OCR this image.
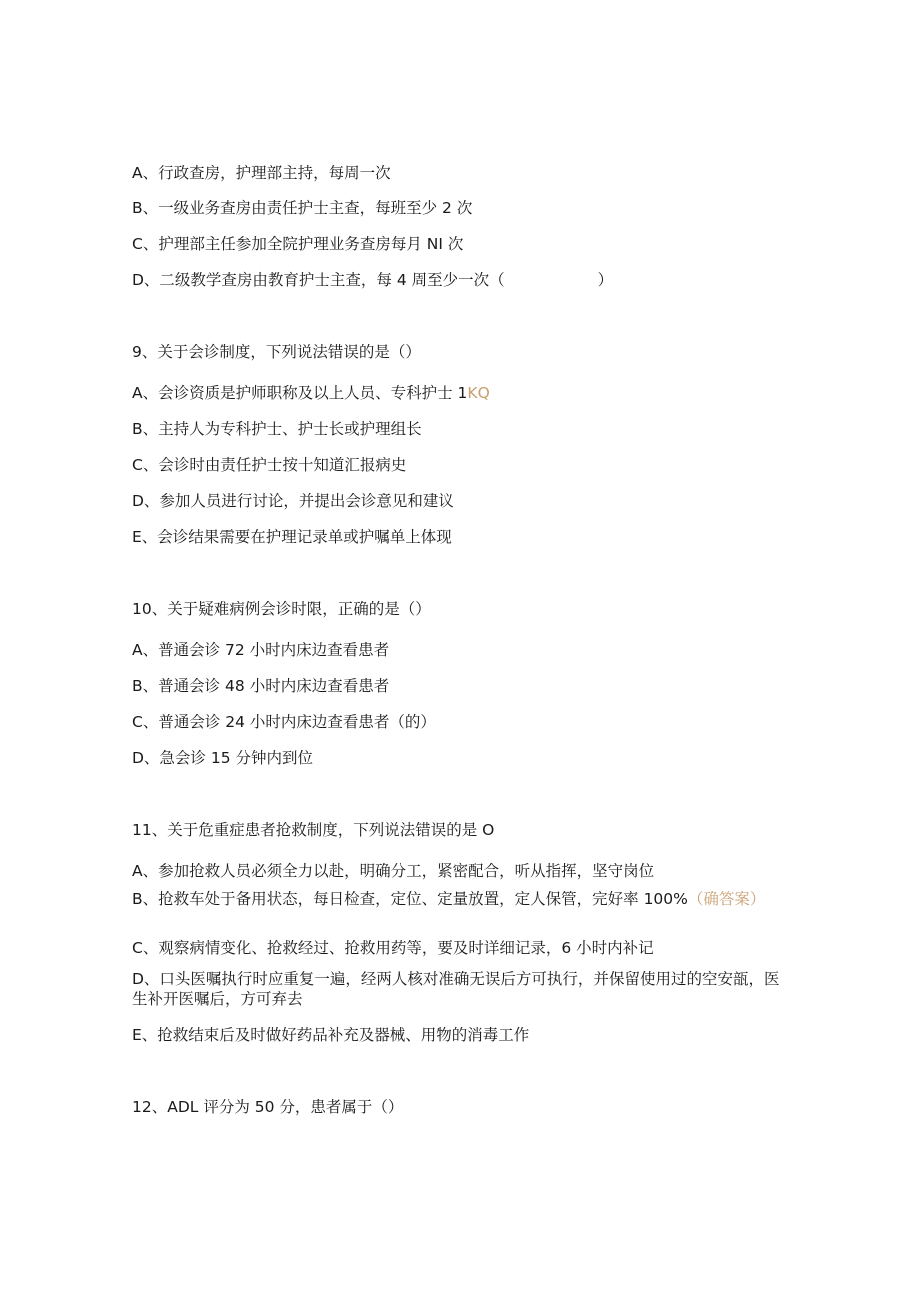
A、行政查房，护理部主持，每周一次
B、一级业务查房由责任护士主查，每班至少 2 次
C、护理部主任参加全院护理业务查房每月 NI 次
D、二级教学查房由教育护士主查，每 4 周至少一次（　　　　　　）
9、关于会诊制度，下列说法错误的是（）
A、会诊资质是护师职称及以上人员、专科护士 1KQ
B、主持人为专科护士、护士长或护理组长
C、会诊时由责任护士按十知道汇报病史
D、参加人员进行讨论，并提出会诊意见和建议
E、会诊结果需要在护理记录单或护嘱单上体现
10、关于疑难病例会诊时限，正确的是（）
A、普通会诊 72 小时内床边查看患者
B、普通会诊 48 小时内床边查看患者
C、普通会诊 24 小时内床边查看患者（的）
D、急会诊 15 分钟内到位
11、关于危重症患者抢救制度，下列说法错误的是 O
A、参加抢救人员必须全力以赴，明确分工，紧密配合，听从指挥，坚守岗位
B、抢救车处于备用状态，每日检查，定位、定量放置，定人保管，完好率 100%（确答案）
C、观察病情变化、抢救经过、抢救用药等，要及时详细记录，6 小时内补记
D、口头医嘱执行时应重复一遍，经两人核对准确无误后方可执行，并保留使用过的空安瓿，医生补开医嘱后，方可弃去
E、抢救结束后及时做好药品补充及器械、用物的消毒工作
12、ADL 评分为 50 分，患者属于（）
